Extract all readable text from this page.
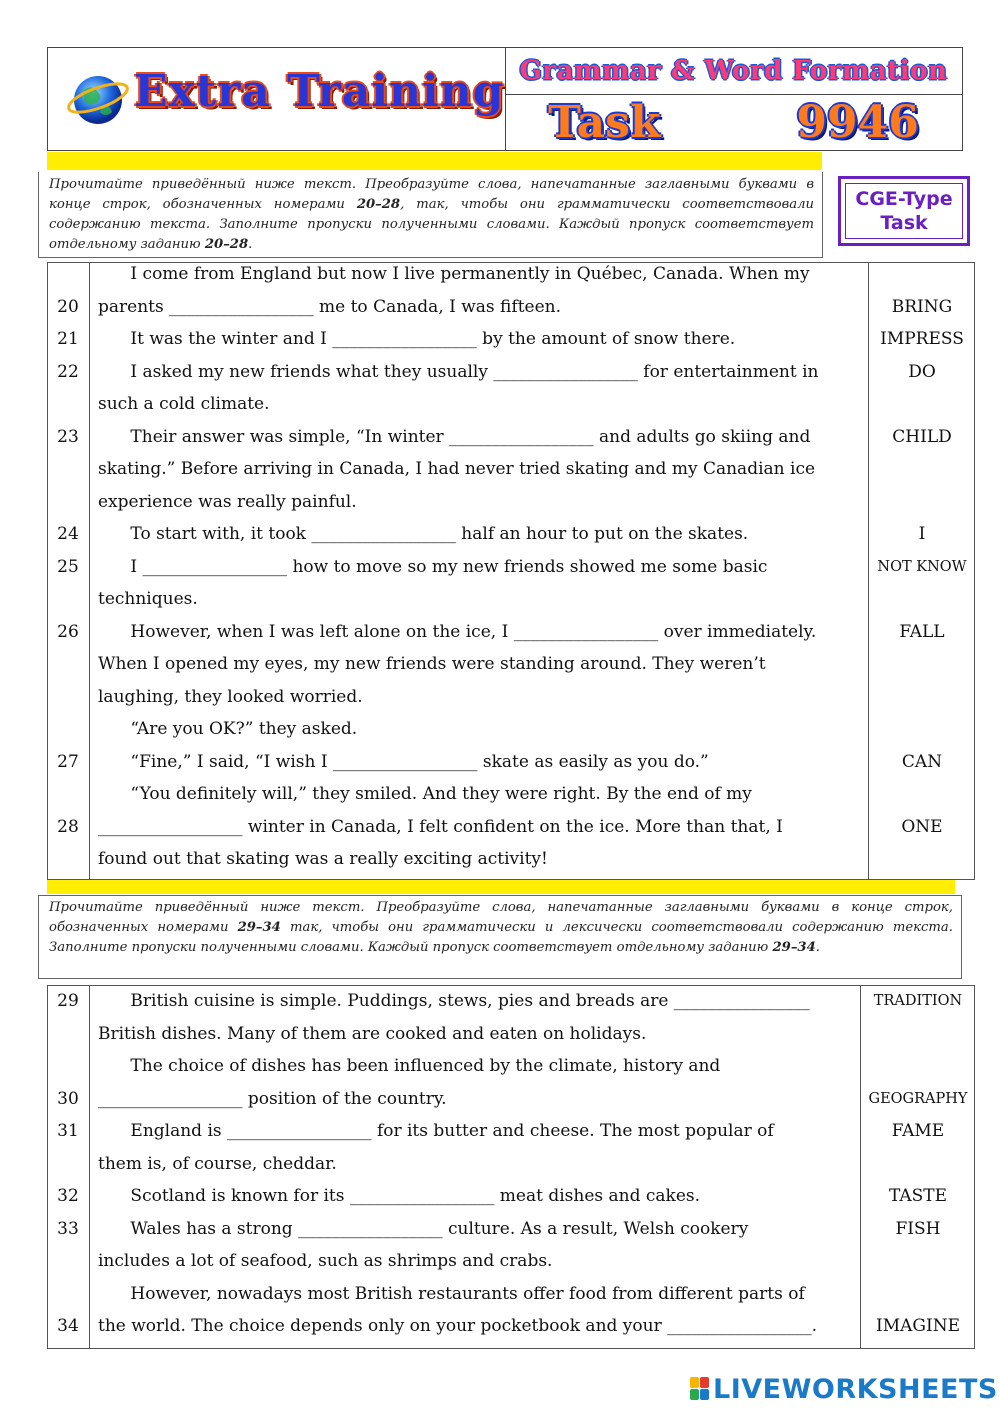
Extra Training Grammar & Word Formation
Task   9946
Прочитайте приведённый ниже текст. Преобразуйте слова, напечатанные заглавными буквами в конце строк, обозначенных номерами 20–28, так, чтобы они грамматически соответствовали содержанию текста. Заполните пропуски полученными словами. Каждый пропуск соответствует отдельному заданию 20–28.
CGE-Type
Task
I come from England but now I live permanently in Québec, Canada. When my
20	parents _________________ me to Canada, I was fifteen.	BRING
21	It was the winter and I _________________ by the amount of snow there.	IMPRESS
22	I asked my new friends what they usually _________________ for entertainment in	DO
such a cold climate.
23	Their answer was simple, “In winter _________________ and adults go skiing and	CHILD
skating.” Before arriving in Canada, I had never tried skating and my Canadian ice
experience was really painful.
24	To start with, it took _________________ half an hour to put on the skates.	I
25	I _________________ how to move so my new friends showed me some basic	NOT KNOW
techniques.
26	However, when I was left alone on the ice, I _________________ over immediately.	FALL
When I opened my eyes, my new friends were standing around. They weren’t
laughing, they looked worried.
“Are you OK?” they asked.
27	“Fine,” I said, “I wish I _________________ skate as easily as you do.”	CAN
“You definitely will,” they smiled. And they were right. By the end of my
28	_________________ winter in Canada, I felt confident on the ice. More than that, I	ONE
found out that skating was a really exciting activity!
Прочитайте приведённый ниже текст. Преобразуйте слова, напечатанные заглавными буквами в конце строк, обозначенных номерами 29–34 так, чтобы они грамматически и лексически соответствовали содержанию текста. Заполните пропуски полученными словами. Каждый пропуск соответствует отдельному заданию 29–34.
29	British cuisine is simple. Puddings, stews, pies and breads are ________________	TRADITION
British dishes. Many of them are cooked and eaten on holidays.
The choice of dishes has been influenced by the climate, history and
30	_________________ position of the country.	GEOGRAPHY
31	England is _________________ for its butter and cheese. The most popular of	FAME
them is, of course, cheddar.
32	Scotland is known for its _________________ meat dishes and cakes.	TASTE
33	Wales has a strong _________________ culture. As a result, Welsh cookery	FISH
includes a lot of seafood, such as shrimps and crabs.
However, nowadays most British restaurants offer food from different parts of
34	the world. The choice depends only on your pocketbook and your _________________.	IMAGINE
LIVEWORKSHEETS
